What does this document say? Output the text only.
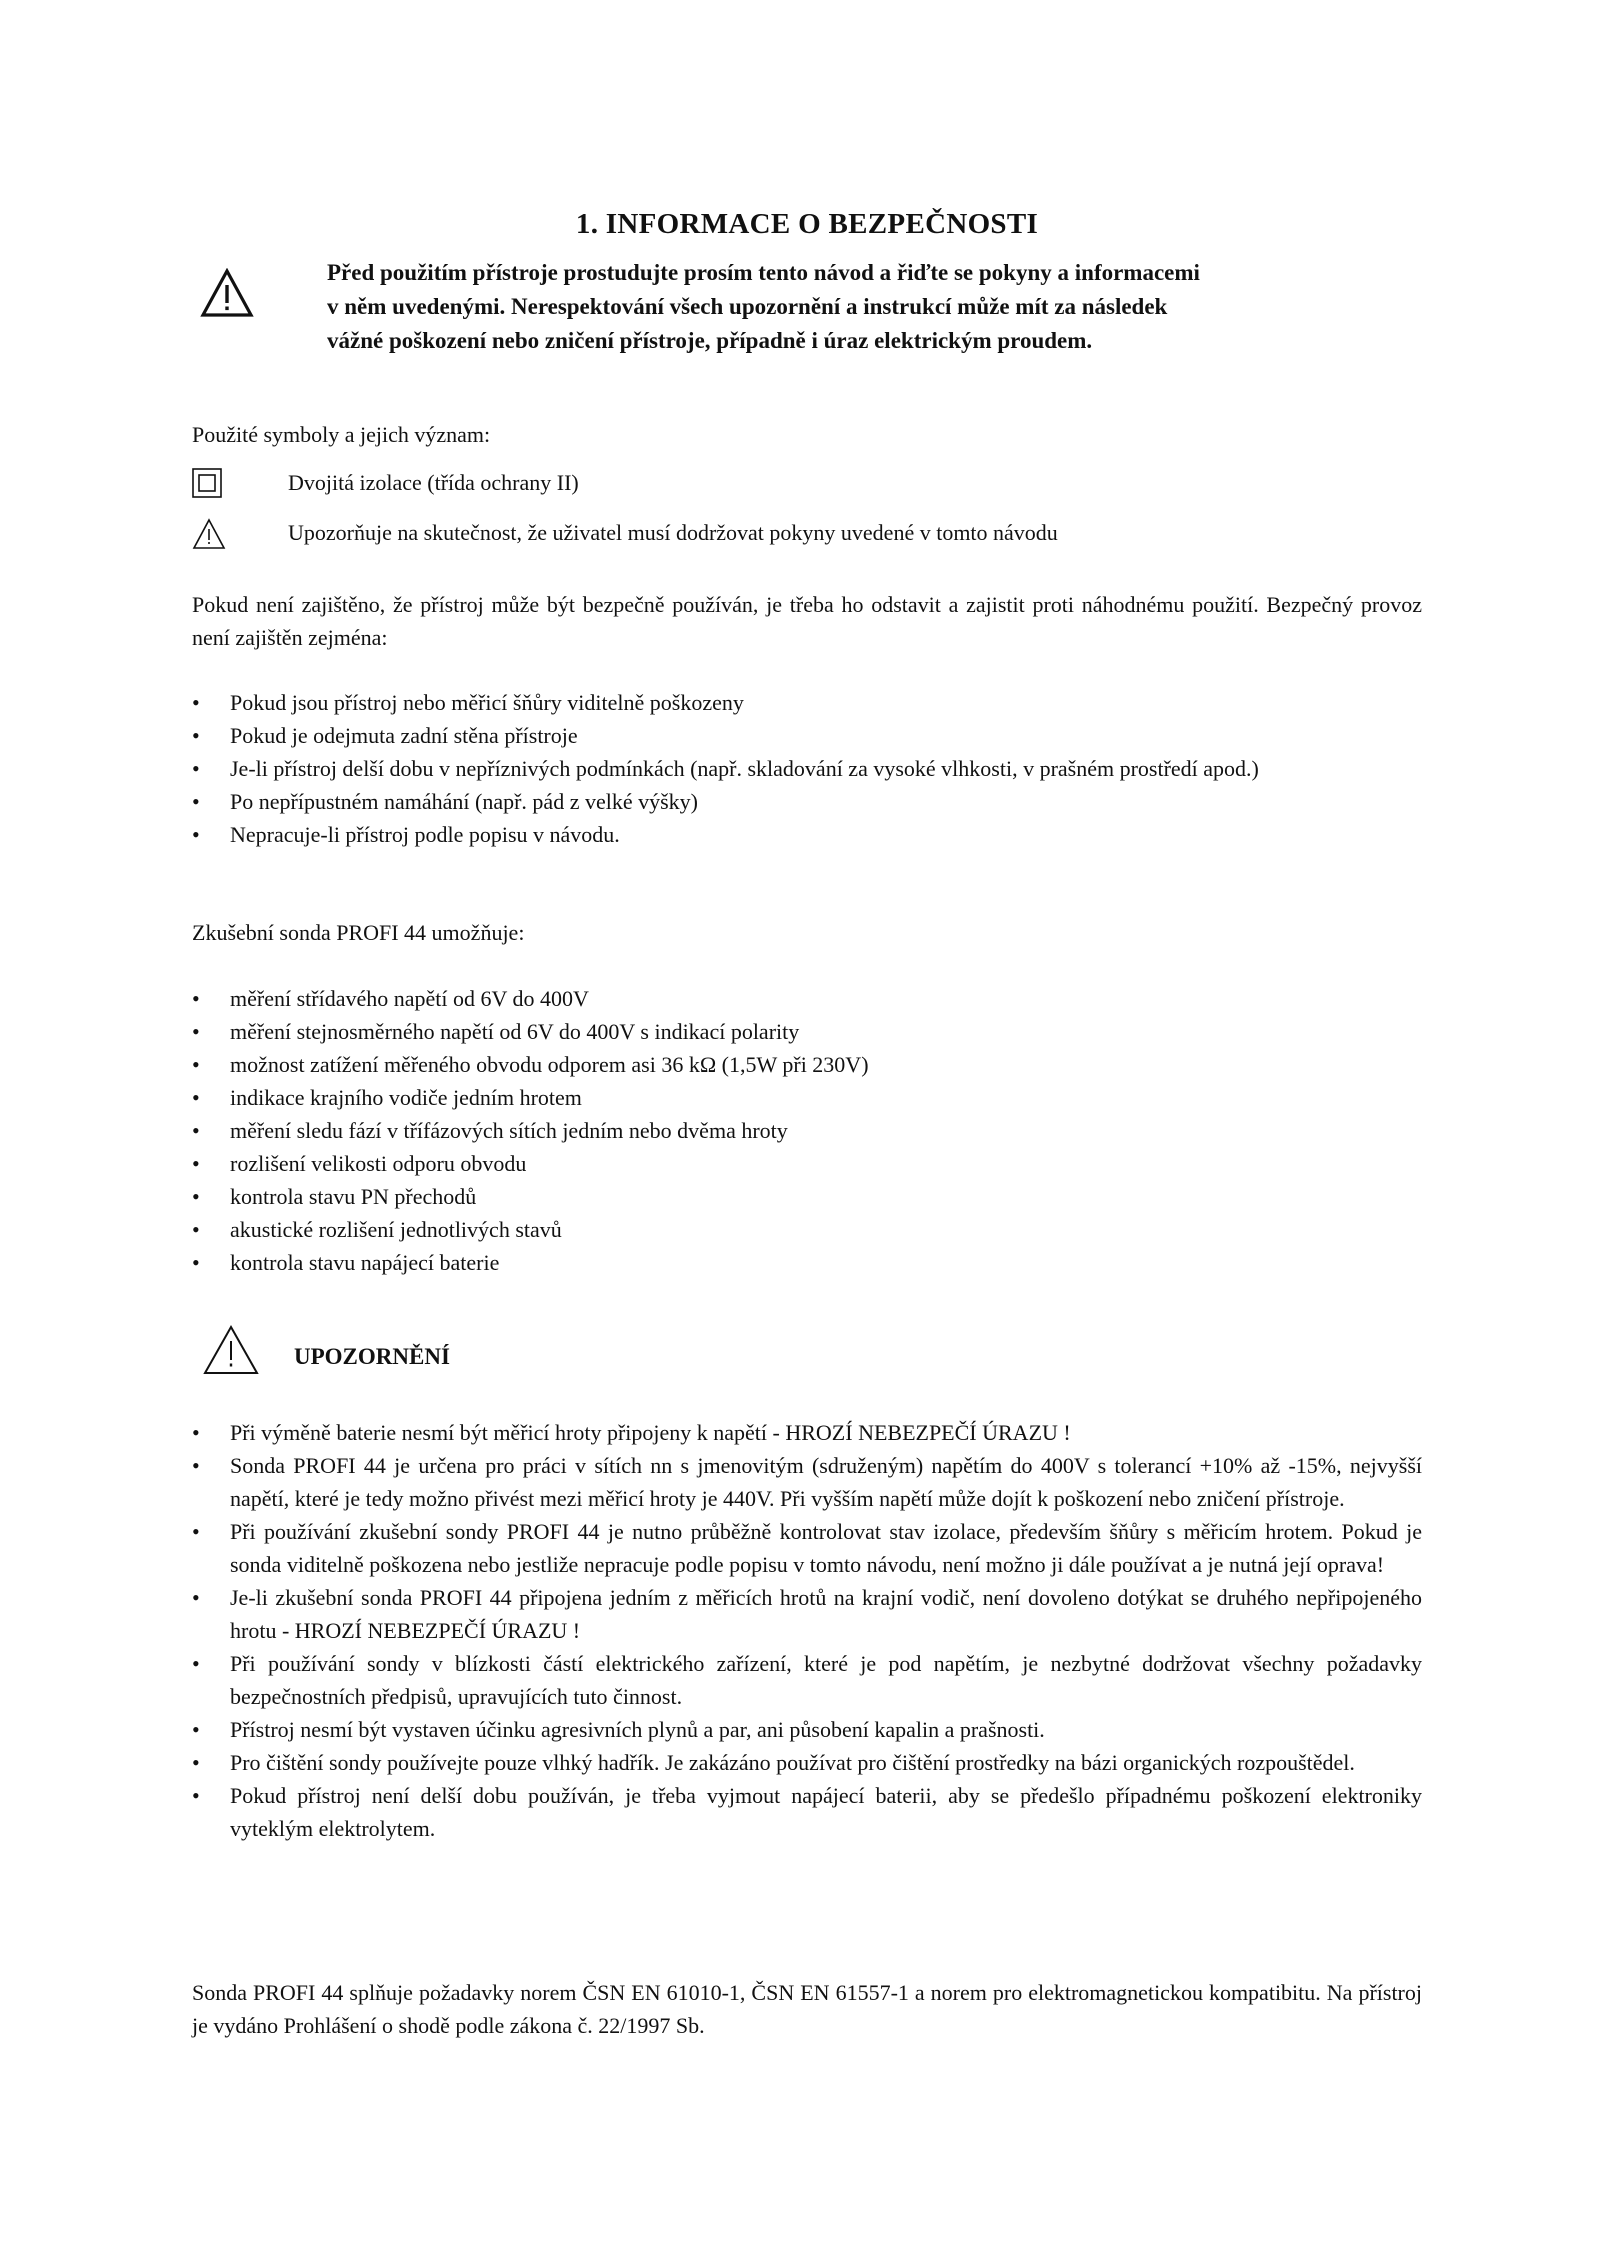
1. INFORMACE O BEZPEČNOSTI
Před použitím přístroje prostudujte prosím tento návod a řiďte se pokyny a informacemi
v něm uvedenými. Nerespektování všech upozornění a instrukcí může mít za následek
vážné poškození nebo zničení přístroje, případně i úraz elektrickým proudem.
Použité symboly a jejich význam:
Dvojitá izolace (třída ochrany II)
Upozorňuje na skutečnost, že uživatel musí dodržovat pokyny uvedené v tomto návodu
Pokud není zajištěno, že přístroj může být bezpečně používán, je třeba ho odstavit a zajistit proti náhodnému použití. Bezpečný provoz není zajištěn zejména:
• Pokud jsou přístroj nebo měřicí šňůry viditelně poškozeny
• Pokud je odejmuta zadní stěna přístroje
• Je-li přístroj delší dobu v nepříznivých podmínkách (např. skladování za vysoké vlhkosti, v prašném prostředí apod.)
• Po nepřípustném namáhání (např. pád z velké výšky)
• Nepracuje-li přístroj podle popisu v návodu.
Zkušební sonda PROFI 44 umožňuje:
• měření střídavého napětí od 6V do 400V
• měření stejnosměrného napětí od 6V do 400V s indikací polarity
• možnost zatížení měřeného obvodu odporem asi 36 kΩ (1,5W při 230V)
• indikace krajního vodiče jedním hrotem
• měření sledu fází v třífázových sítích jedním nebo dvěma hroty
• rozlišení velikosti odporu obvodu
• kontrola stavu PN přechodů
• akustické rozlišení jednotlivých stavů
• kontrola stavu napájecí baterie
UPOZORNĚNÍ
• Při výměně baterie nesmí být měřicí hroty připojeny k napětí - HROZÍ NEBEZPEČÍ ÚRAZU !
• Sonda PROFI 44 je určena pro práci v sítích nn s jmenovitým (sdruženým) napětím do 400V s tolerancí +10% až -15%, nejvyšší napětí, které je tedy možno přivést mezi měřicí hroty je 440V. Při vyšším napětí může dojít k poškození nebo zničení přístroje.
• Při používání zkušební sondy PROFI 44 je nutno průběžně kontrolovat stav izolace, především šňůry s měřicím hrotem. Pokud je sonda viditelně poškozena nebo jestliže nepracuje podle popisu v tomto návodu, není možno ji dále používat a je nutná její oprava!
• Je-li zkušební sonda PROFI 44 připojena jedním z měřicích hrotů na krajní vodič, není dovoleno dotýkat se druhého nepřipojeného hrotu - HROZÍ NEBEZPEČÍ ÚRAZU !
• Při používání sondy v blízkosti částí elektrického zařízení, které je pod napětím, je nezbytné dodržovat všechny požadavky bezpečnostních předpisů, upravujících tuto činnost.
• Přístroj nesmí být vystaven účinku agresivních plynů a par, ani působení kapalin a prašnosti.
• Pro čištění sondy používejte pouze vlhký hadřík. Je zakázáno používat pro čištění prostředky na bázi organických rozpouštědel.
• Pokud přístroj není delší dobu používán, je třeba vyjmout napájecí baterii, aby se předešlo případnému poškození elektroniky vyteklým elektrolytem.
Sonda PROFI 44 splňuje požadavky norem ČSN EN 61010-1, ČSN EN 61557-1 a norem pro elektromagnetickou kompatibitu. Na přístroj je vydáno Prohlášení o shodě podle zákona č. 22/1997 Sb.
